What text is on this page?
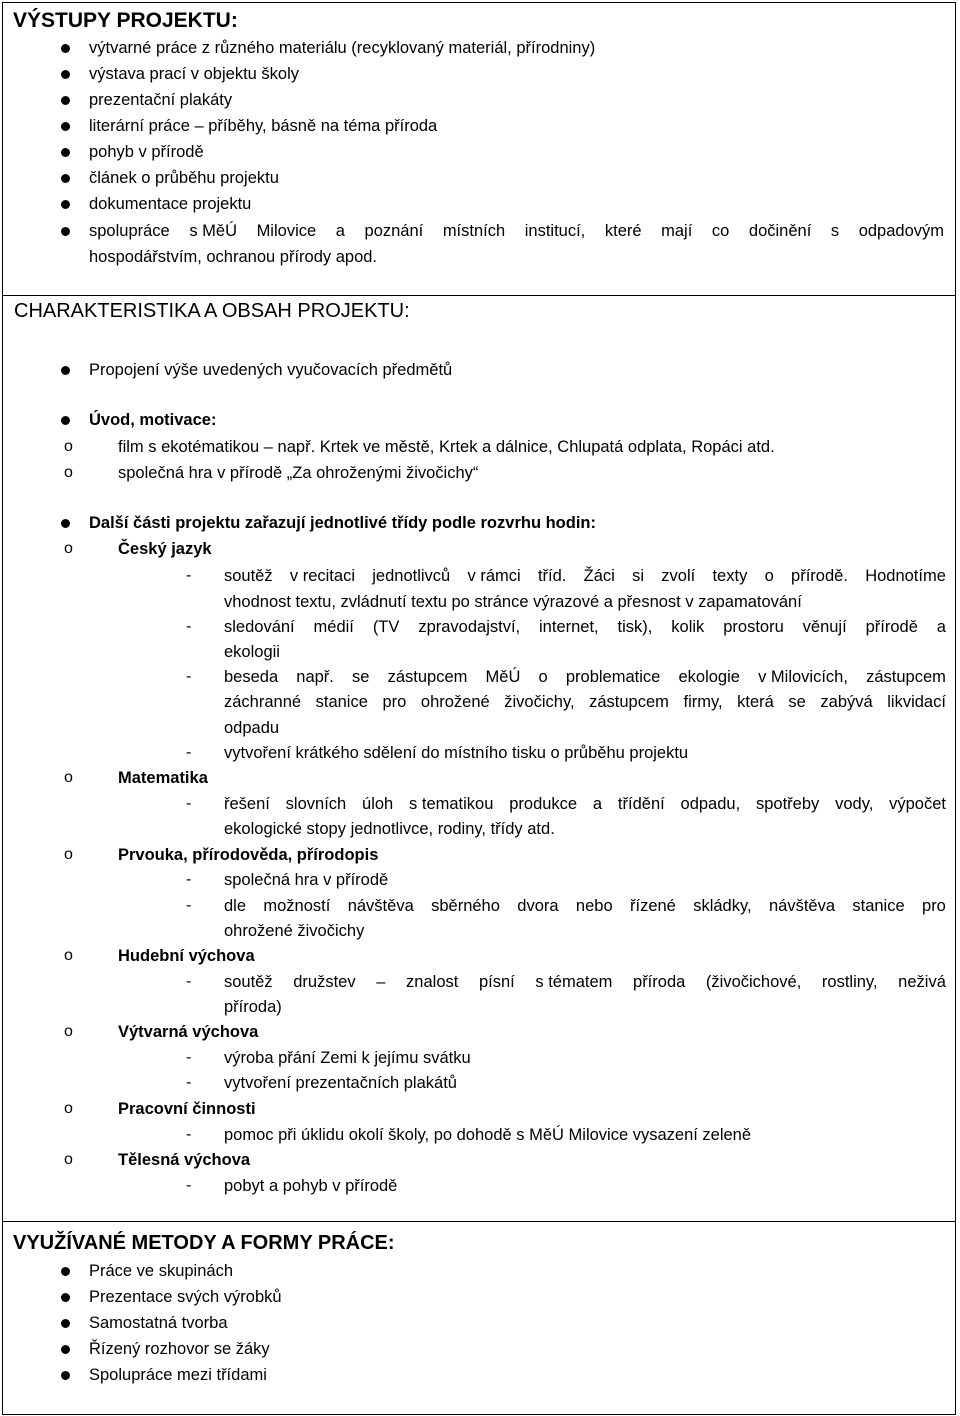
VÝSTUPY PROJEKTU:
výtvarné práce z různého materiálu (recyklovaný materiál, přírodniny)
výstava prací v objektu školy
prezentační plakáty
literární práce – příběhy, básně na téma příroda
pohyb v přírodě
článek o průběhu projektu
dokumentace projektu
spolupráce s MěÚ Milovice a poznání místních institucí, které mají co dočinění s odpadovým
hospodářstvím, ochranou přírody apod.
CHARAKTERISTIKA A OBSAH PROJEKTU:
Propojení výše uvedených vyučovacích předmětů
Úvod, motivace:
o	film s ekotématikou – např. Krtek ve městě, Krtek a dálnice, Chlupatá odplata, Ropáci atd.
o	společná hra v přírodě „Za ohroženými živočichy“
Další části projektu zařazují jednotlivé třídy podle rozvrhu hodin:
o	Český jazyk
- soutěž v recitaci jednotlivců v rámci tříd. Žáci si zvolí texty o přírodě. Hodnotíme
vhodnost textu, zvládnutí textu po stránce výrazové a přesnost v zapamatování
- sledování médií (TV zpravodajství, internet, tisk), kolik prostoru věnují přírodě a
ekologii
- beseda např. se zástupcem MěÚ o problematice ekologie v Milovicích, zástupcem
záchranné stanice pro ohrožené živočichy, zástupcem firmy, která se zabývá likvidací
odpadu
- vytvoření krátkého sdělení do místního tisku o průběhu projektu
o	Matematika
- řešení slovních úloh s tematikou produkce a třídění odpadu, spotřeby vody, výpočet
ekologické stopy jednotlivce, rodiny, třídy atd.
o	Prvouka, přírodověda, přírodopis
- společná hra v přírodě
- dle možností návštěva sběrného dvora nebo řízené skládky, návštěva stanice pro
ohrožené živočichy
o	Hudební výchova
- soutěž družstev – znalost písní s tématem příroda (živočichové, rostliny, neživá
příroda)
o	Výtvarná výchova
- výroba přání Zemi k jejímu svátku
- vytvoření prezentačních plakátů
o	Pracovní činnosti
- pomoc při úklidu okolí školy, po dohodě s MěÚ Milovice vysazení zeleně
o	Tělesná výchova
- pobyt a pohyb v přírodě
VYUŽÍVANÉ METODY A FORMY PRÁCE:
Práce ve skupinách
Prezentace svých výrobků
Samostatná tvorba
Řízený rozhovor se žáky
Spolupráce mezi třídami
